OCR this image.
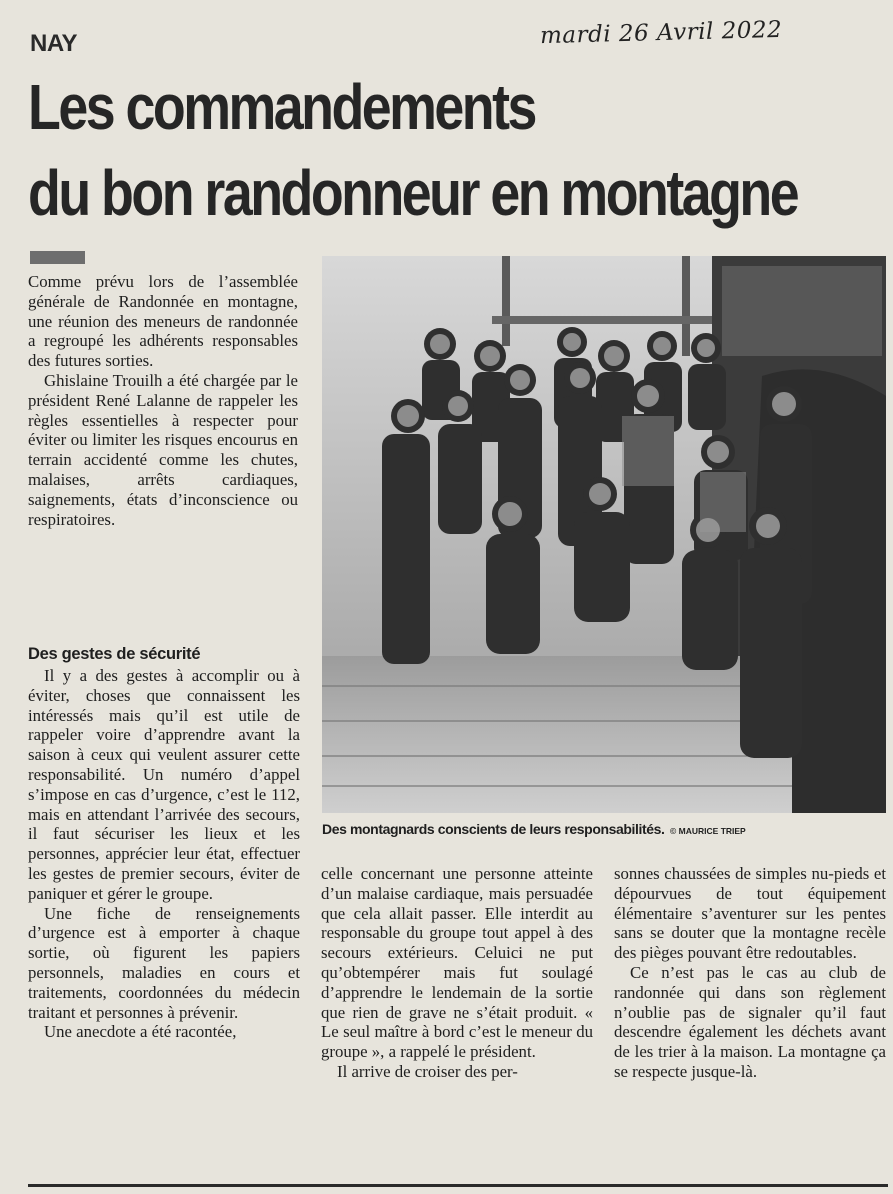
NAY	mardi 26 Avril 2022
Les commandements
du bon randonneur en montagne

Comme prévu lors de l’assemblée générale de Randonnée en montagne, une réunion des meneurs de randonnée a regroupé les adhérents responsables des futures sorties.

Ghislaine Trouilh a été chargée par le président René Lalanne de rappeler les règles essentielles à respecter pour éviter ou limiter les risques encourus en terrain accidenté comme les chutes, malaises, arrêts cardiaques, saignements, états d’inconscience ou respiratoires.

Des gestes de sécurité

Il y a des gestes à accomplir ou à éviter, choses que connaissent les intéressés mais qu’il est utile de rappeler voire d’apprendre avant la saison à ceux qui veulent assurer cette responsabilité. Un numéro d’appel s’impose en cas d’urgence, c’est le 112, mais en attendant l’arrivée des secours, il faut sécuriser les lieux et les personnes, apprécier leur état, effectuer les gestes de premier secours, éviter de paniquer et gérer le groupe.

Une fiche de renseignements d’urgence est à emporter à chaque sortie, où figurent les papiers personnels, maladies en cours et traitements, coordonnées du médecin traitant et personnes à prévenir.

Une anecdote a été racontée,

Des montagnards conscients de leurs responsabilités. © MAURICE TRIEP

celle concernant une personne atteinte d’un malaise cardiaque, mais persuadée que cela allait passer. Elle interdit au responsable du groupe tout appel à des secours extérieurs. Celuici ne put qu’obtempérer mais fut soulagé d’apprendre le lendemain de la sortie que rien de grave ne s’était produit. « Le seul maître à bord c’est le meneur du groupe », a rappelé le président.

Il arrive de croiser des per-

sonnes chaussées de simples nu-pieds et dépourvues de tout équipement élémentaire s’aventurer sur les pentes sans se douter que la montagne recèle des pièges pouvant être redoutables.

Ce n’est pas le cas au club de randonnée qui dans son règlement n’oublie pas de signaler qu’il faut descendre également les déchets avant de les trier à la maison. La montagne ça se respecte jusque-là.
